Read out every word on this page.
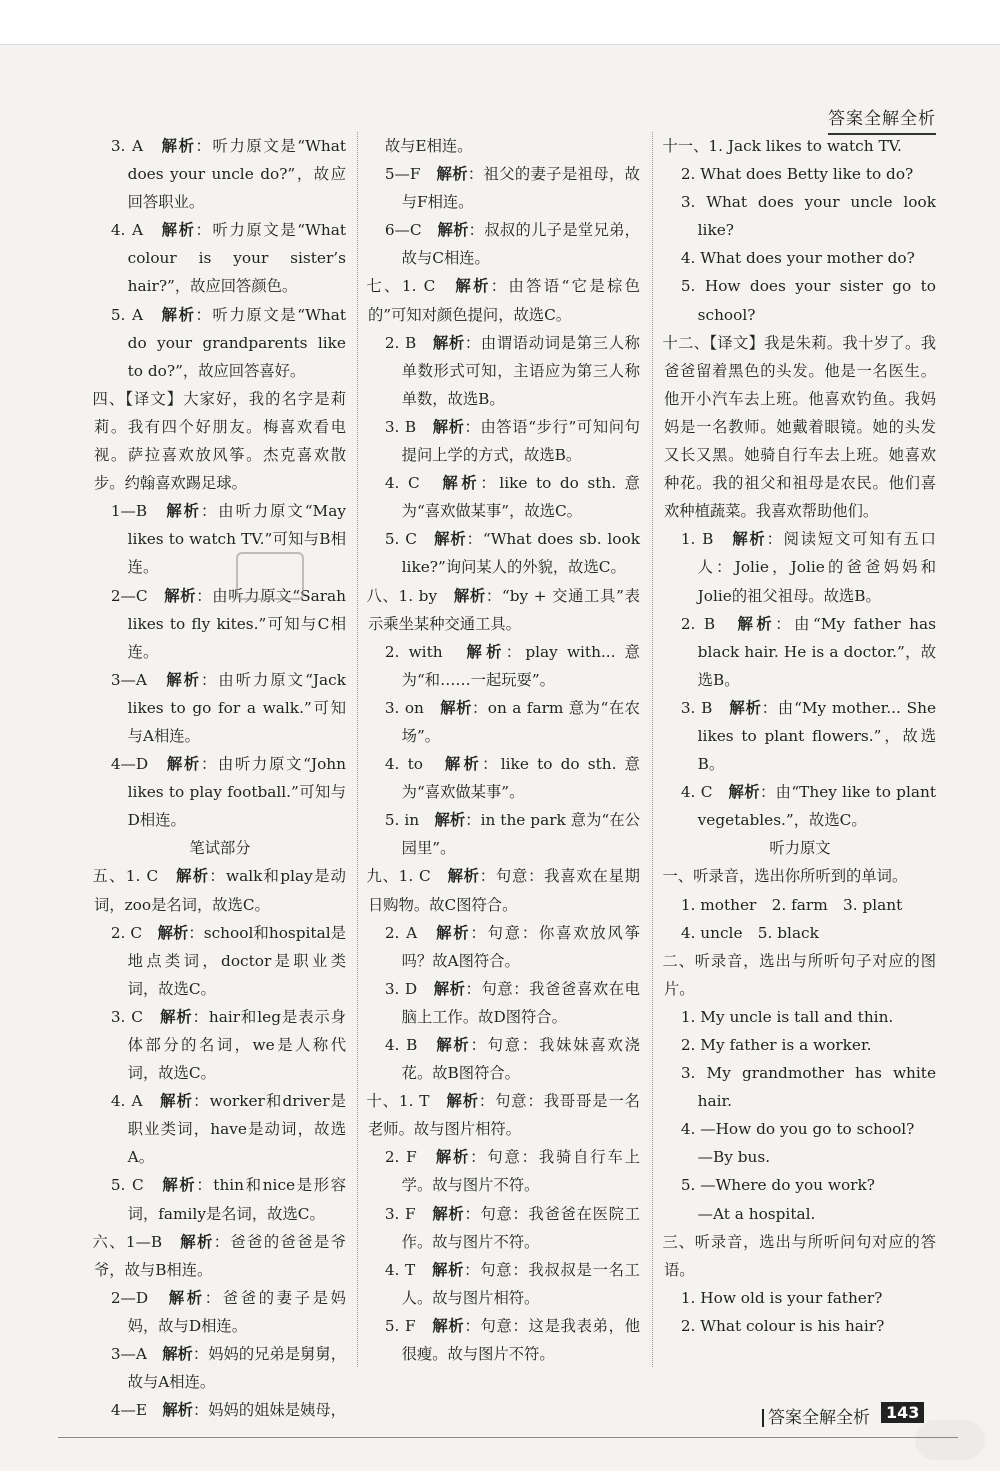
答案全解全析

3. A　解析：听力原文是“What does your uncle do?”，故应回答职业。

4. A　解析：听力原文是“What colour is your sister’s hair?”，故应回答颜色。

5. A　解析：听力原文是“What do your grandparents like to do?”，故应回答喜好。

四、【译文】大家好，我的名字是莉莉。我有四个好朋友。梅喜欢看电视。萨拉喜欢放风筝。杰克喜欢散步。约翰喜欢踢足球。

1—B　解析：由听力原文“May likes to watch TV.”可知与B相连。

2—C　解析：由听力原文“Sarah likes to fly kites.”可知与C相连。

3—A　解析：由听力原文“Jack likes to go for a walk.”可知与A相连。

4—D　解析：由听力原文“John likes to play football.”可知与D相连。

笔试部分

五、1. C　解析：walk和play是动词，zoo是名词，故选C。

2. C　解析：school和hospital是地点类词，doctor是职业类词，故选C。

3. C　解析：hair和leg是表示身体部分的名词，we是人称代词，故选C。

4. A　解析：worker和driver是职业类词，have是动词，故选A。

5. C　解析：thin和nice是形容词，family是名词，故选C。

六、1—B　解析：爸爸的爸爸是爷爷，故与B相连。

2—D　解析：爸爸的妻子是妈妈，故与D相连。

3—A　解析：妈妈的兄弟是舅舅，故与A相连。

4—E　解析：妈妈的姐妹是姨母，

故与E相连。

5—F　解析：祖父的妻子是祖母，故与F相连。

6—C　解析：叔叔的儿子是堂兄弟，故与C相连。

七、1. C　解析：由答语“它是棕色的”可知对颜色提问，故选C。

2. B　解析：由谓语动词是第三人称单数形式可知，主语应为第三人称单数，故选B。

3. B　解析：由答语“步行”可知问句提问上学的方式，故选B。

4. C　解析：like to do sth. 意为“喜欢做某事”，故选C。

5. C　解析：“What does sb. look like?”询问某人的外貌，故选C。

八、1. by　解析：“by + 交通工具”表示乘坐某种交通工具。

2. with　解析：play with... 意为“和……一起玩耍”。

3. on　解析：on a farm 意为“在农场”。

4. to　解析：like to do sth. 意为“喜欢做某事”。

5. in　解析：in the park 意为“在公园里”。

九、1. C　解析：句意：我喜欢在星期日购物。故C图符合。

2. A　解析：句意：你喜欢放风筝吗？故A图符合。

3. D　解析：句意：我爸爸喜欢在电脑上工作。故D图符合。

4. B　解析：句意：我妹妹喜欢浇花。故B图符合。

十、1. T　解析：句意：我哥哥是一名老师。故与图片相符。

2. F　解析：句意：我骑自行车上学。故与图片不符。

3. F　解析：句意：我爸爸在医院工作。故与图片不符。

4. T　解析：句意：我叔叔是一名工人。故与图片相符。

5. F　解析：句意：这是我表弟，他很瘦。故与图片不符。

十一、1. Jack likes to watch TV.

2. What does Betty like to do?

3. What does your uncle look like?

4. What does your mother do?

5. How does your sister go to school?

十二、【译文】我是朱莉。我十岁了。我爸爸留着黑色的头发。他是一名医生。他开小汽车去上班。他喜欢钓鱼。我妈妈是一名教师。她戴着眼镜。她的头发又长又黑。她骑自行车去上班。她喜欢种花。我的祖父和祖母是农民。他们喜欢种植蔬菜。我喜欢帮助他们。

1. B　解析：阅读短文可知有五口人：Jolie，Jolie的爸爸妈妈和Jolie的祖父祖母。故选B。

2. B　解析：由“My father has black hair. He is a doctor.”，故选B。

3. B　解析：由“My mother... She likes to plant flowers.”，故选B。

4. C　解析：由“They like to plant vegetables.”，故选C。

听力原文

一、听录音，选出你所听到的单词。

1. mother　2. farm　3. plant

4. uncle　5. black

二、听录音，选出与所听句子对应的图片。

1. My uncle is tall and thin.

2. My father is a worker.

3. My grandmother has white hair.

4. —How do you go to school?

—By bus.

5. —Where do you work?

—At a hospital.

三、听录音，选出与所听问句对应的答语。

1. How old is your father?

2. What colour is his hair?

答案全解全析	143
